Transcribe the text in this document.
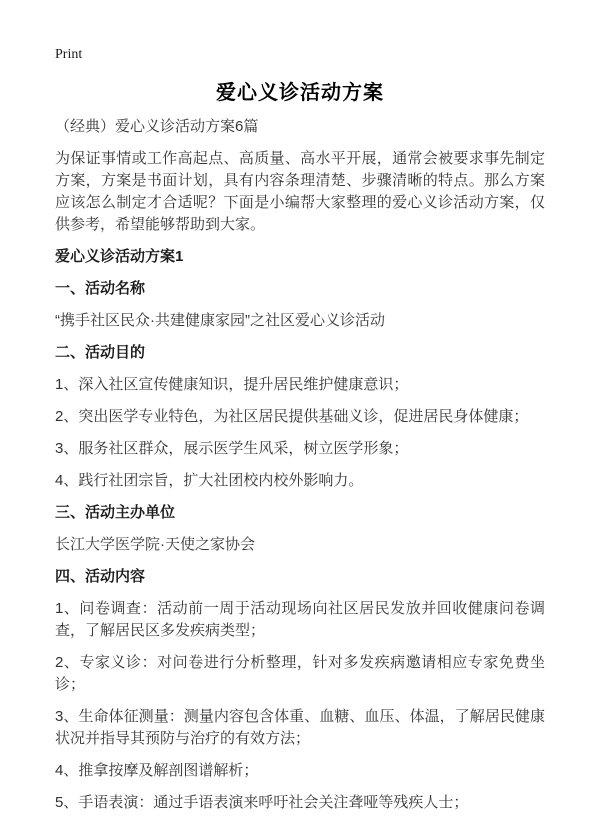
Print
爱心义诊活动方案

（经典）爱心义诊活动方案6篇

为保证事情或工作高起点、高质量、高水平开展，通常会被要求事先制定方案，方案是书面计划，具有内容条理清楚、步骤清晰的特点。那么方案应该怎么制定才合适呢？下面是小编帮大家整理的爱心义诊活动方案，仅供参考，希望能够帮助到大家。

爱心义诊活动方案1

一、活动名称

“携手社区民众·共建健康家园”之社区爱心义诊活动

二、活动目的

1、深入社区宣传健康知识，提升居民维护健康意识；

2、突出医学专业特色，为社区居民提供基础义诊，促进居民身体健康；

3、服务社区群众，展示医学生风采，树立医学形象；

4、践行社团宗旨，扩大社团校内校外影响力。

三、活动主办单位

长江大学医学院·天使之家协会

四、活动内容

1、问卷调查：活动前一周于活动现场向社区居民发放并回收健康问卷调查，了解居民区多发疾病类型；

2、专家义诊：对问卷进行分析整理，针对多发疾病邀请相应专家免费坐诊；

3、生命体征测量：测量内容包含体重、血糖、血压、体温，了解居民健康状况并指导其预防与治疗的有效方法；

4、推拿按摩及解剖图谱解析；

5、手语表演：通过手语表演来呼吁社会关注聋哑等残疾人士；
